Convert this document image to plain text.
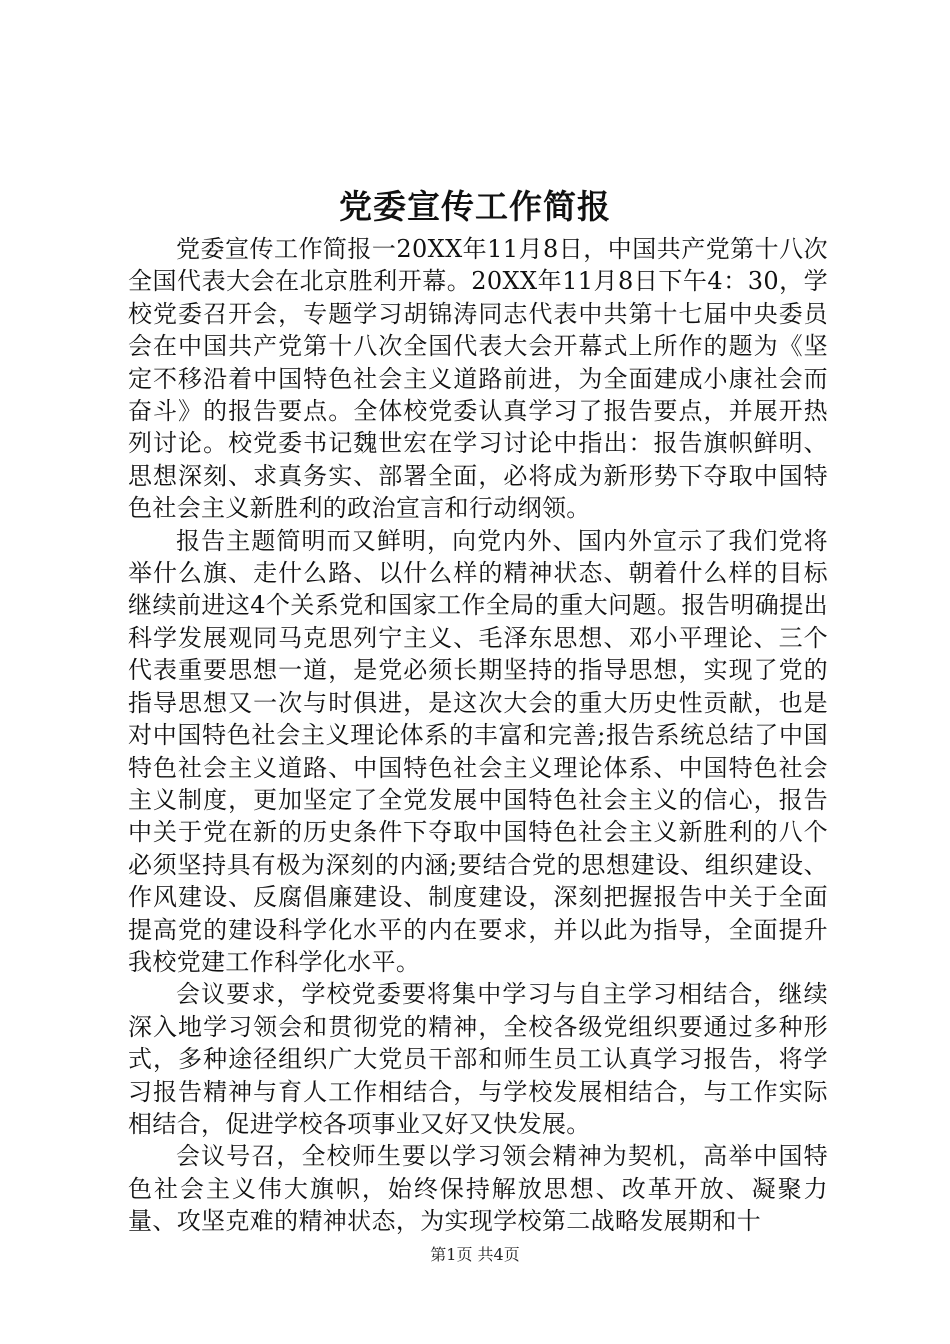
党委宣传工作简报

党委宣传工作简报一20XX年11月8日，中国共产党第十八次全国代表大会在北京胜利开幕。20XX年11月8日下午4：30，学校党委召开会，专题学习胡锦涛同志代表中共第十七届中央委员会在中国共产党第十八次全国代表大会开幕式上所作的题为《坚定不移沿着中国特色社会主义道路前进，为全面建成小康社会而奋斗》的报告要点。全体校党委认真学习了报告要点，并展开热列讨论。校党委书记魏世宏在学习讨论中指出：报告旗帜鲜明、思想深刻、求真务实、部署全面，必将成为新形势下夺取中国特色社会主义新胜利的政治宣言和行动纲领。

报告主题简明而又鲜明，向党内外、国内外宣示了我们党将举什么旗、走什么路、以什么样的精神状态、朝着什么样的目标继续前进这4个关系党和国家工作全局的重大问题。报告明确提出科学发展观同马克思列宁主义、毛泽东思想、邓小平理论、三个代表重要思想一道，是党必须长期坚持的指导思想，实现了党的指导思想又一次与时俱进，是这次大会的重大历史性贡献，也是对中国特色社会主义理论体系的丰富和完善;报告系统总结了中国特色社会主义道路、中国特色社会主义理论体系、中国特色社会主义制度，更加坚定了全党发展中国特色社会主义的信心，报告中关于党在新的历史条件下夺取中国特色社会主义新胜利的八个必须坚持具有极为深刻的内涵;要结合党的思想建设、组织建设、作风建设、反腐倡廉建设、制度建设，深刻把握报告中关于全面提高党的建设科学化水平的内在要求，并以此为指导，全面提升我校党建工作科学化水平。

会议要求，学校党委要将集中学习与自主学习相结合，继续深入地学习领会和贯彻党的精神，全校各级党组织要通过多种形式，多种途径组织广大党员干部和师生员工认真学习报告，将学习报告精神与育人工作相结合，与学校发展相结合，与工作实际相结合，促进学校各项事业又好又快发展。

会议号召，全校师生要以学习领会精神为契机，高举中国特色社会主义伟大旗帜，始终保持解放思想、改革开放、凝聚力量、攻坚克难的精神状态，为实现学校第二战略发展期和十

第1页 共4页
